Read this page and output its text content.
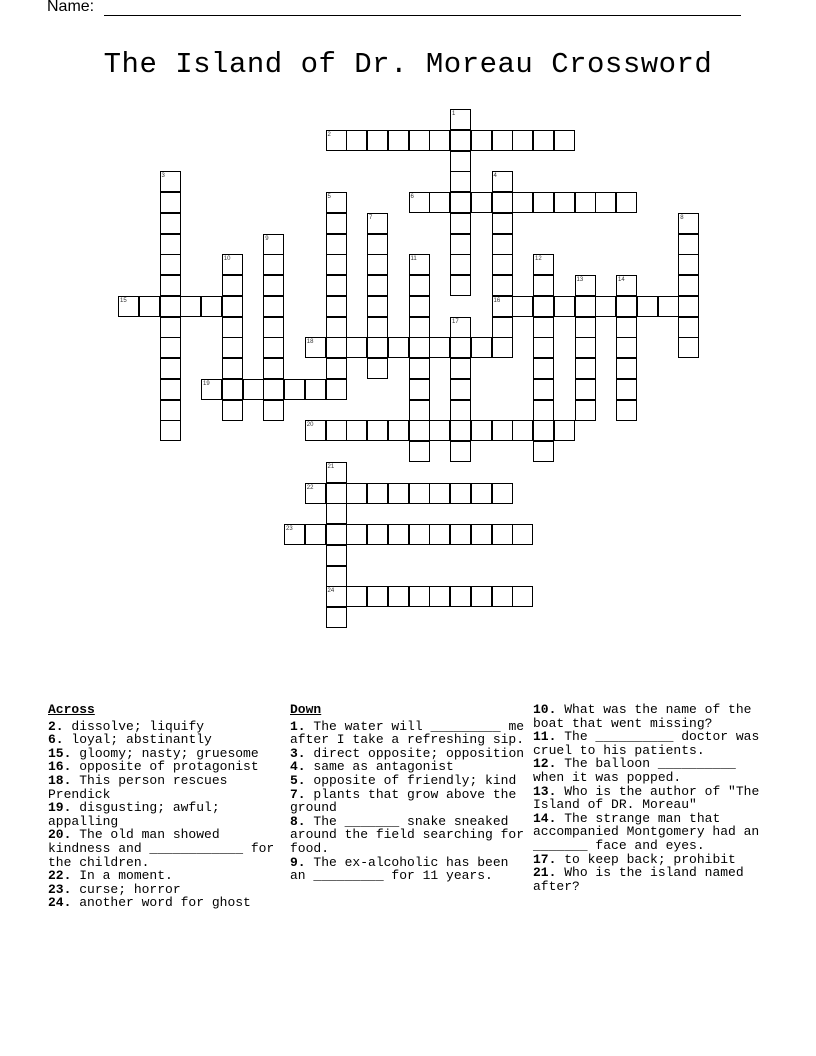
Name:
The Island of Dr. Moreau Crossword
2
6
15	16
18
19
20
22
23
24
1
3	4
5
7	8
9
10	11	12
13	14
17
21
Across
2. dissolve; liquify
6. loyal; abstinantly
15. gloomy; nasty; gruesome
16. opposite of protagonist
18. This person rescues Prendick
19. disgusting; awful; appalling
20. The old man showed kindness and ____________ for the children.
22. In a moment.
23. curse; horror
24. another word for ghost
Down
1. The water will _________ me after I take a refreshing sip.
3. direct opposite; opposition
4. same as antagonist
5. opposite of friendly; kind
7. plants that grow above the ground
8. The _______ snake sneaked around the field searching for food.
9. The ex-alcoholic has been an _________ for 11 years.
10. What was the name of the boat that went missing?
11. The __________ doctor was cruel to his patients.
12. The balloon __________ when it was popped.
13. Who is the author of "The Island of DR. Moreau"
14. The strange man that accompanied Montgomery had an _______ face and eyes.
17. to keep back; prohibit
21. Who is the island named after?
